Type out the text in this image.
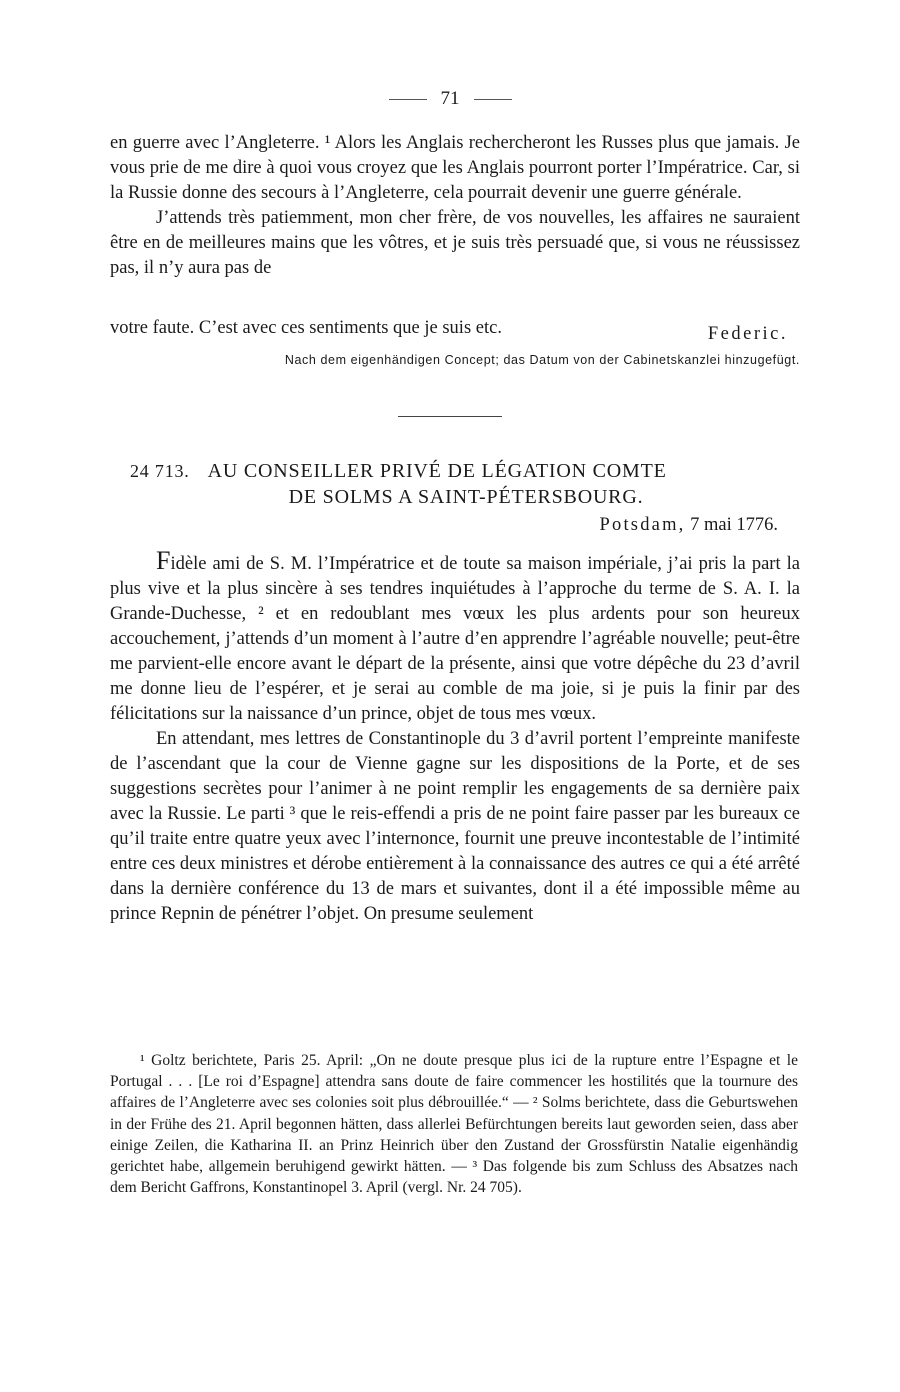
71

en guerre avec l’Angleterre. ¹ Alors les Anglais rechercheront les Russes plus que jamais. Je vous prie de me dire à quoi vous croyez que les Anglais pourront porter l’Impératrice. Car, si la Russie donne des secours à l’Angleterre, cela pourrait devenir une guerre générale.

J’attends très patiemment, mon cher frère, de vos nouvelles, les affaires ne sauraient être en de meilleures mains que les vôtres, et je suis très persuadé que, si vous ne réussissez pas, il n’y aura pas de

votre faute. C’est avec ces sentiments que je suis etc.	Federic.
Nach dem eigenhändigen Concept; das Datum von der Cabinetskanzlei hinzugefügt.
24 713. AU CONSEILLER PRIVÉ DE LÉGATION COMTE
DE SOLMS A SAINT-PÉTERSBOURG.
Potsdam, 7 mai 1776.

Fidèle ami de S. M. l’Impératrice et de toute sa maison impériale, j’ai pris la part la plus vive et la plus sincère à ses tendres inquiétudes à l’approche du terme de S. A. I. la Grande-Duchesse, ² et en redoublant mes vœux les plus ardents pour son heureux accouchement, j’attends d’un moment à l’autre d’en apprendre l’agréable nouvelle; peut-être me parvient-elle encore avant le départ de la présente, ainsi que votre dépêche du 23 d’avril me donne lieu de l’espérer, et je serai au comble de ma joie, si je puis la finir par des félicitations sur la naissance d’un prince, objet de tous mes vœux.

En attendant, mes lettres de Constantinople du 3 d’avril portent l’empreinte manifeste de l’ascendant que la cour de Vienne gagne sur les dispositions de la Porte, et de ses suggestions secrètes pour l’animer à ne point remplir les engagements de sa dernière paix avec la Russie. Le parti ³ que le reis-effendi a pris de ne point faire passer par les bureaux ce qu’il traite entre quatre yeux avec l’internonce, fournit une preuve incontestable de l’intimité entre ces deux ministres et dérobe entièrement à la connaissance des autres ce qui a été arrêté dans la dernière conférence du 13 de mars et suivantes, dont il a été impossible même au prince Repnin de pénétrer l’objet. On presume seulement

¹ Goltz berichtete, Paris 25. April: „On ne doute presque plus ici de la rupture entre l’Espagne et le Portugal . . . [Le roi d’Espagne] attendra sans doute de faire commencer les hostilités que la tournure des affaires de l’Angleterre avec ses colonies soit plus débrouillée.“ — ² Solms berichtete, dass die Geburtswehen in der Frühe des 21. April begonnen hätten, dass allerlei Befürchtungen bereits laut geworden seien, dass aber einige Zeilen, die Katharina II. an Prinz Heinrich über den Zustand der Grossfürstin Natalie eigenhändig gerichtet habe, allgemein beruhigend gewirkt hätten. — ³ Das folgende bis zum Schluss des Absatzes nach dem Bericht Gaffrons, Konstantinopel 3. April (vergl. Nr. 24 705).
